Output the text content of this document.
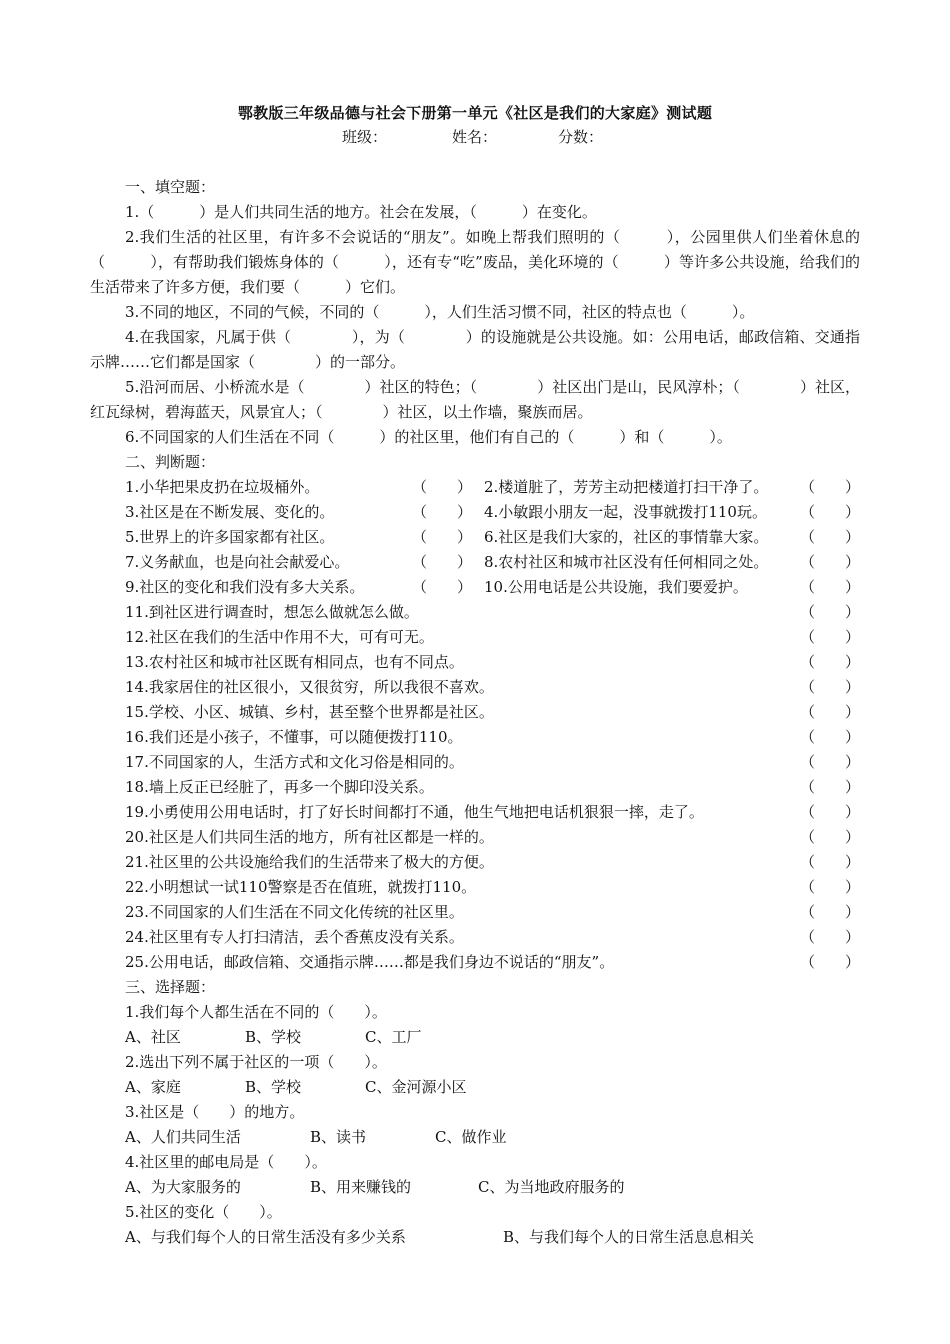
鄂教版三年级品德与社会下册第一单元《社区是我们的大家庭》测试题
班级：	姓名：	分数：
一、填空题：
1.（　　　）是人们共同生活的地方。社会在发展，（　　　）在变化。
2.我们生活的社区里，有许多不会说话的“朋友”。如晚上帮我们照明的（　　　），公园里供人们坐着休息的（　　　），有帮助我们锻炼身体的（　　　），还有专“吃”废品，美化环境的（　　　）等许多公共设施，给我们的生活带来了许多方便，我们要（　　　）它们。
3.不同的地区，不同的气候，不同的（　　　），人们生活习惯不同，社区的特点也（　　　）。
4.在我国家，凡属于供（　　　　），为（　　　　）的设施就是公共设施。如：公用电话，邮政信箱、交通指示牌……它们都是国家（　　　　）的一部分。
5.沿河而居、小桥流水是（　　　　）社区的特色；（　　　　）社区出门是山，民风淳朴；（　　　　）社区，红瓦绿树，碧海蓝天，风景宜人；（　　　　）社区，以土作墙，聚族而居。
6.不同国家的人们生活在不同（　　　）的社区里，他们有自己的（　　　）和（　　　）。
二、判断题：
1.小华把果皮扔在垃圾桶外。	（　　） 2.楼道脏了，芳芳主动把楼道打扫干净了。 （　　）
3.社区是在不断发展、变化的。	（　　） 4.小敏跟小朋友一起，没事就拨打110玩。 （　　）
5.世界上的许多国家都有社区。	（　　） 6.社区是我们大家的，社区的事情靠大家。 （　　）
7.义务献血，也是向社会献爱心。	（　　） 8.农村社区和城市社区没有任何相同之处。 （　　）
9.社区的变化和我们没有多大关系。	（　　） 10.公用电话是公共设施，我们要爱护。	（　　）
11.到社区进行调查时，想怎么做就怎么做。	（　　）
12.社区在我们的生活中作用不大，可有可无。	（　　）
13.农村社区和城市社区既有相同点，也有不同点。	（　　）
14.我家居住的社区很小，又很贫穷，所以我很不喜欢。	（　　）
15.学校、小区、城镇、乡村，甚至整个世界都是社区。	（　　）
16.我们还是小孩子，不懂事，可以随便拨打110。	（　　）
17.不同国家的人，生活方式和文化习俗是相同的。	（　　）
18.墙上反正已经脏了，再多一个脚印没关系。	（　　）
19.小勇使用公用电话时，打了好长时间都打不通，他生气地把电话机狠狠一摔，走了。	（　　）
20.社区是人们共同生活的地方，所有社区都是一样的。	（　　）
21.社区里的公共设施给我们的生活带来了极大的方便。	（　　）
22.小明想试一试110警察是否在值班，就拨打110。	（　　）
23.不同国家的人们生活在不同文化传统的社区里。	（　　）
24.社区里有专人打扫清洁，丢个香蕉皮没有关系。	（　　）
25.公用电话，邮政信箱、交通指示牌……都是我们身边不说话的“朋友”。	（　　）
三、选择题：
1.我们每个人都生活在不同的（　　）。
A、社区	B、学校	C、工厂
2.选出下列不属于社区的一项（　　）。
A、家庭	B、学校	C、金河源小区
3.社区是（　　）的地方。
A、人们共同生活	B、读书	C、做作业
4.社区里的邮电局是（　　）。
A、为大家服务的	B、用来赚钱的	C、为当地政府服务的
5.社区的变化（　　）。
A、与我们每个人的日常生活没有多少关系	B、与我们每个人的日常生活息息相关
